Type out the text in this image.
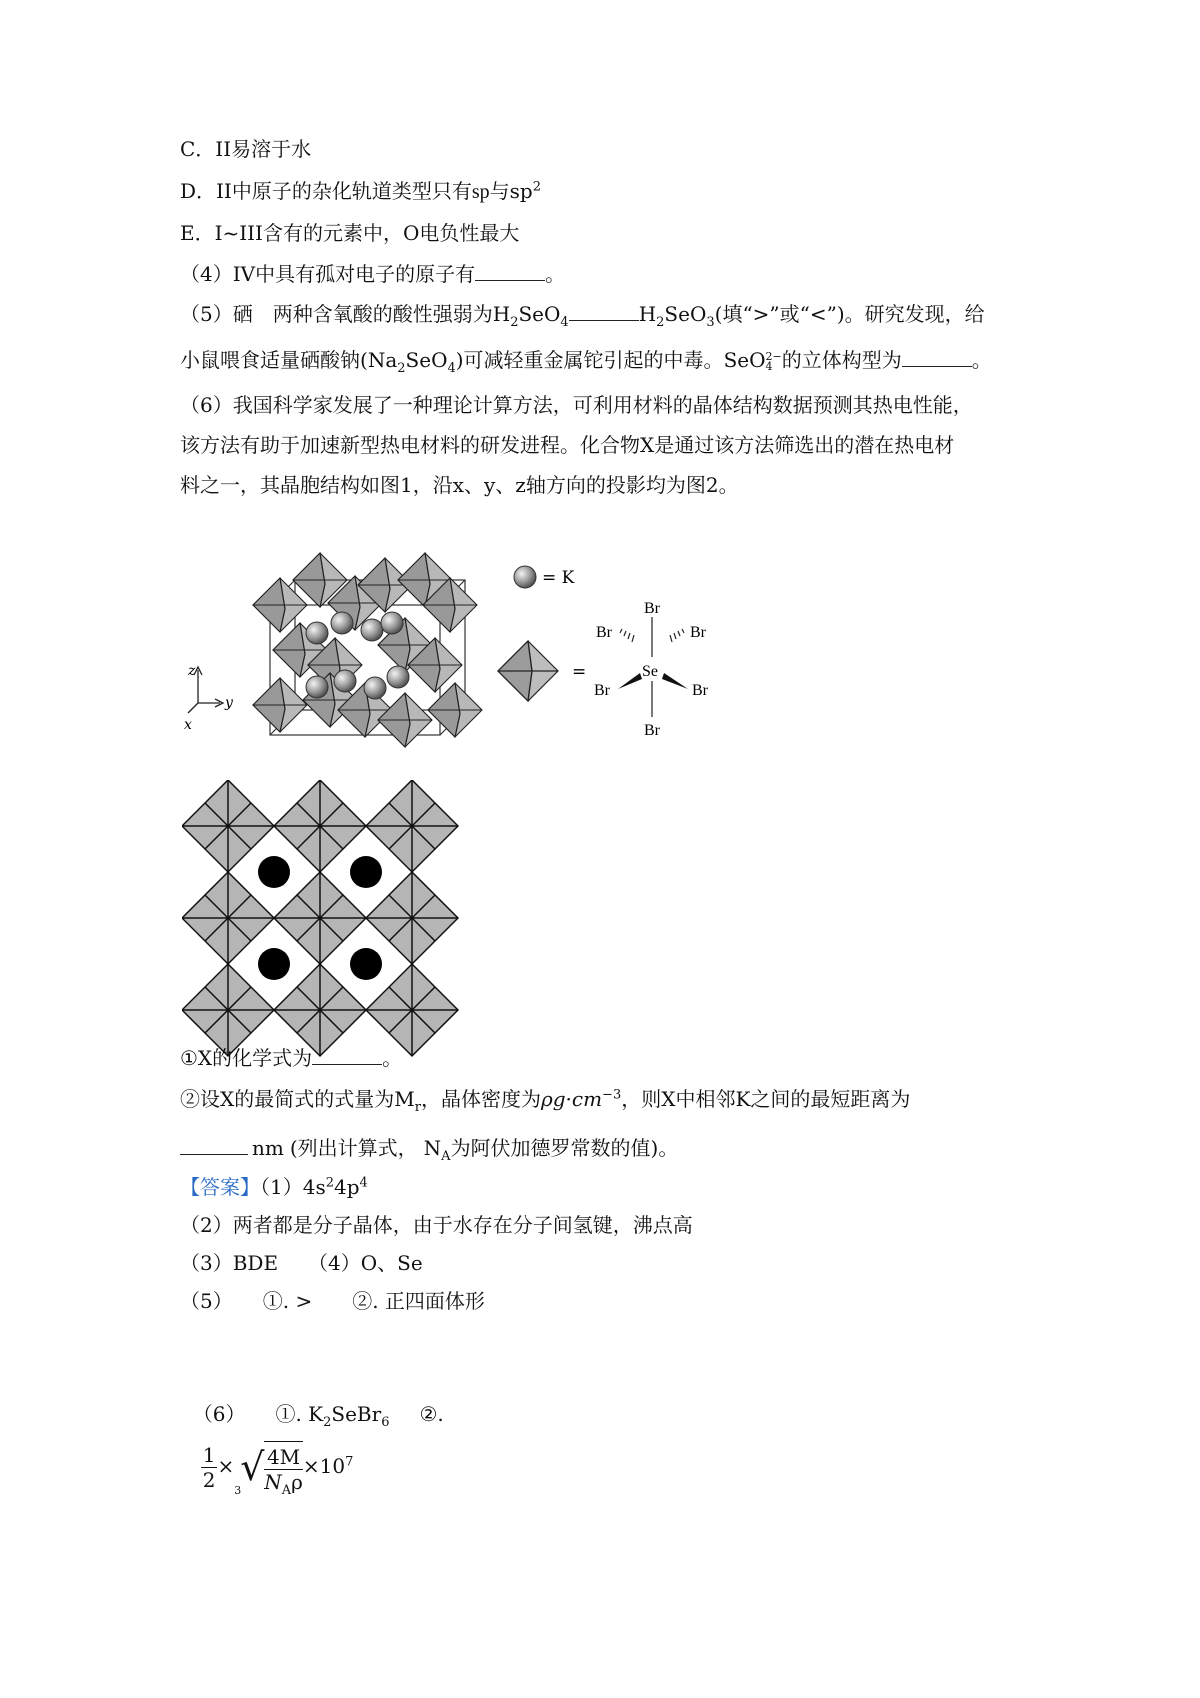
C．II易溶于水
D．II中原子的杂化轨道类型只有sp与$sp^2$
E．I~III含有的元素中，O电负性最大
（4）IV中具有孤对电子的原子有	。
（5）硒　两种含氧酸的酸性强弱为$H_2SeO_4$	$H_2SeO_3$(填“>”或“<”)。研究发现，给
小鼠喂食适量硒酸钠$(Na_2SeO_4)$可减轻重金属铊引起的中毒。SeO 2−
4 的立体构型为	。
（6）我国科学家发展了一种理论计算方法，可利用材料的晶体结构数据预测其热电性能，
该方法有助于加速新型热电材料的研发进程。化合物X是通过该方法筛选出的潜在热电材
料之一，其晶胞结构如图1，沿x、y、z轴方向的投影均为图2。
z
y
x
= K
=
Br
Br	Br
Se
Br	Br
Br
①X的化学式为	。
②设X的最简式的式量为$M_r$，晶体密度为$\rho g\cdot cm^{-3}$，则X中相邻K之间的最短距离为
nm (列出计算式， $N_A$为阿伏加德罗常数的值)。
【答案】$(1)4s^24p^4$
（2）两者都是分子晶体，由于水存在分子间氢键，沸点高
（3）BDE　　（4）O、Se
（5）　　①. >　　②. 正四面体形

（6）　　①. $K_2SeBr_6$ ②.

$\frac{1}{2}$ ×
3
√ $\frac{4M}{N_A\rho} \times 10^7$
